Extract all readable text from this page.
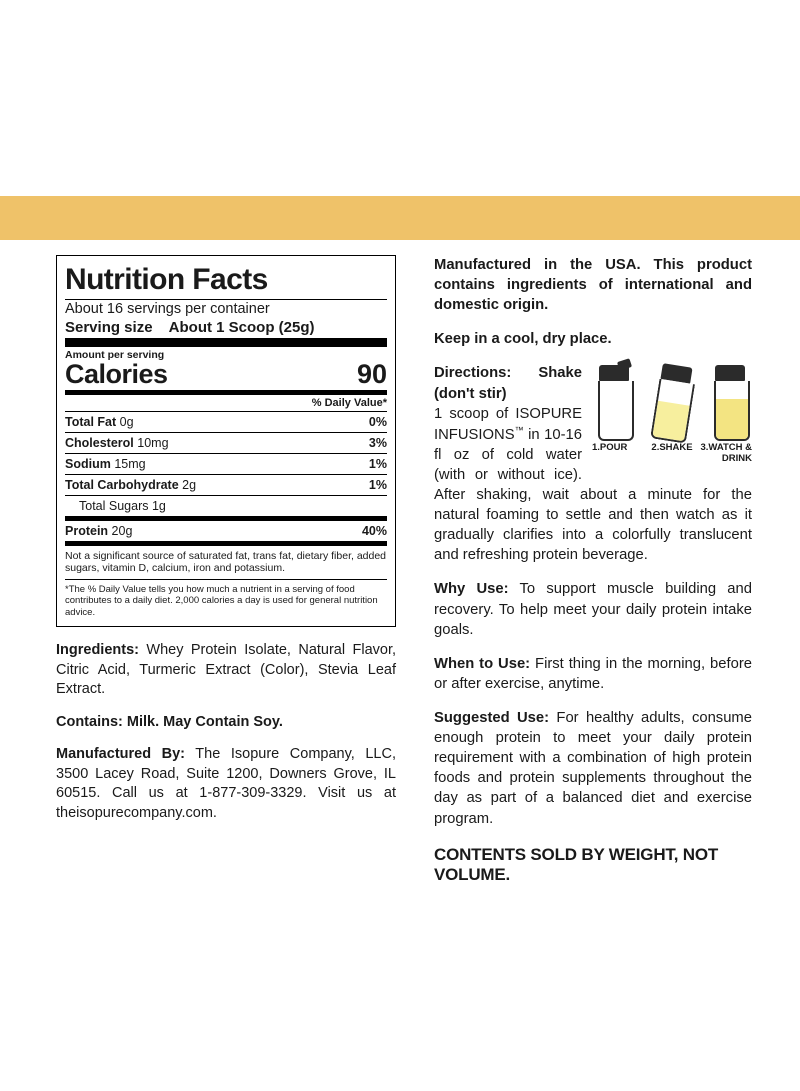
Nutrition Facts
About 16 servings per container
Serving size About 1 Scoop (25g)
Amount per serving
Calories	90
% Daily Value*
Total Fat 0g	0%
Cholesterol 10mg	3%
Sodium 15mg	1%
Total Carbohydrate 2g	1%
Total Sugars 1g
Protein 20g	40%
Not a significant source of saturated fat, trans fat, dietary fiber, added sugars, vitamin D, calcium, iron and potassium.
*The % Daily Value tells you how much a nutrient in a serving of food contributes to a daily diet. 2,000 calories a day is used for general nutrition advice.

Ingredients: Whey Protein Isolate, Natural Flavor, Citric Acid, Turmeric Extract (Color), Stevia Leaf Extract.

Contains: Milk. May Contain Soy.

Manufactured By: The Isopure Company, LLC, 3500 Lacey Road, Suite 1200, Downers Grove, IL 60515. Call us at 1-877-309-3329. Visit us at theisopurecompany.com.

Manufactured in the USA. This product contains ingredients of international and domestic origin.

Keep in a cool, dry place.

1.POUR	2.SHAKE 3.WATCH & DRINK
Directions: Shake (don't stir)
1 scoop of ISOPURE INFUSIONS™ in 10-16 fl oz of cold water (with or without ice). After shaking, wait about a minute for the natural foaming to settle and then watch as it gradually clarifies into a colorfully translucent and refreshing protein beverage.

Why Use: To support muscle building and recovery. To help meet your daily protein intake goals.

When to Use: First thing in the morning, before or after exercise, anytime.

Suggested Use: For healthy adults, consume enough protein to meet your daily protein requirement with a combination of high protein foods and protein supplements throughout the day as part of a balanced diet and exercise program.

CONTENTS SOLD BY WEIGHT, NOT VOLUME.
